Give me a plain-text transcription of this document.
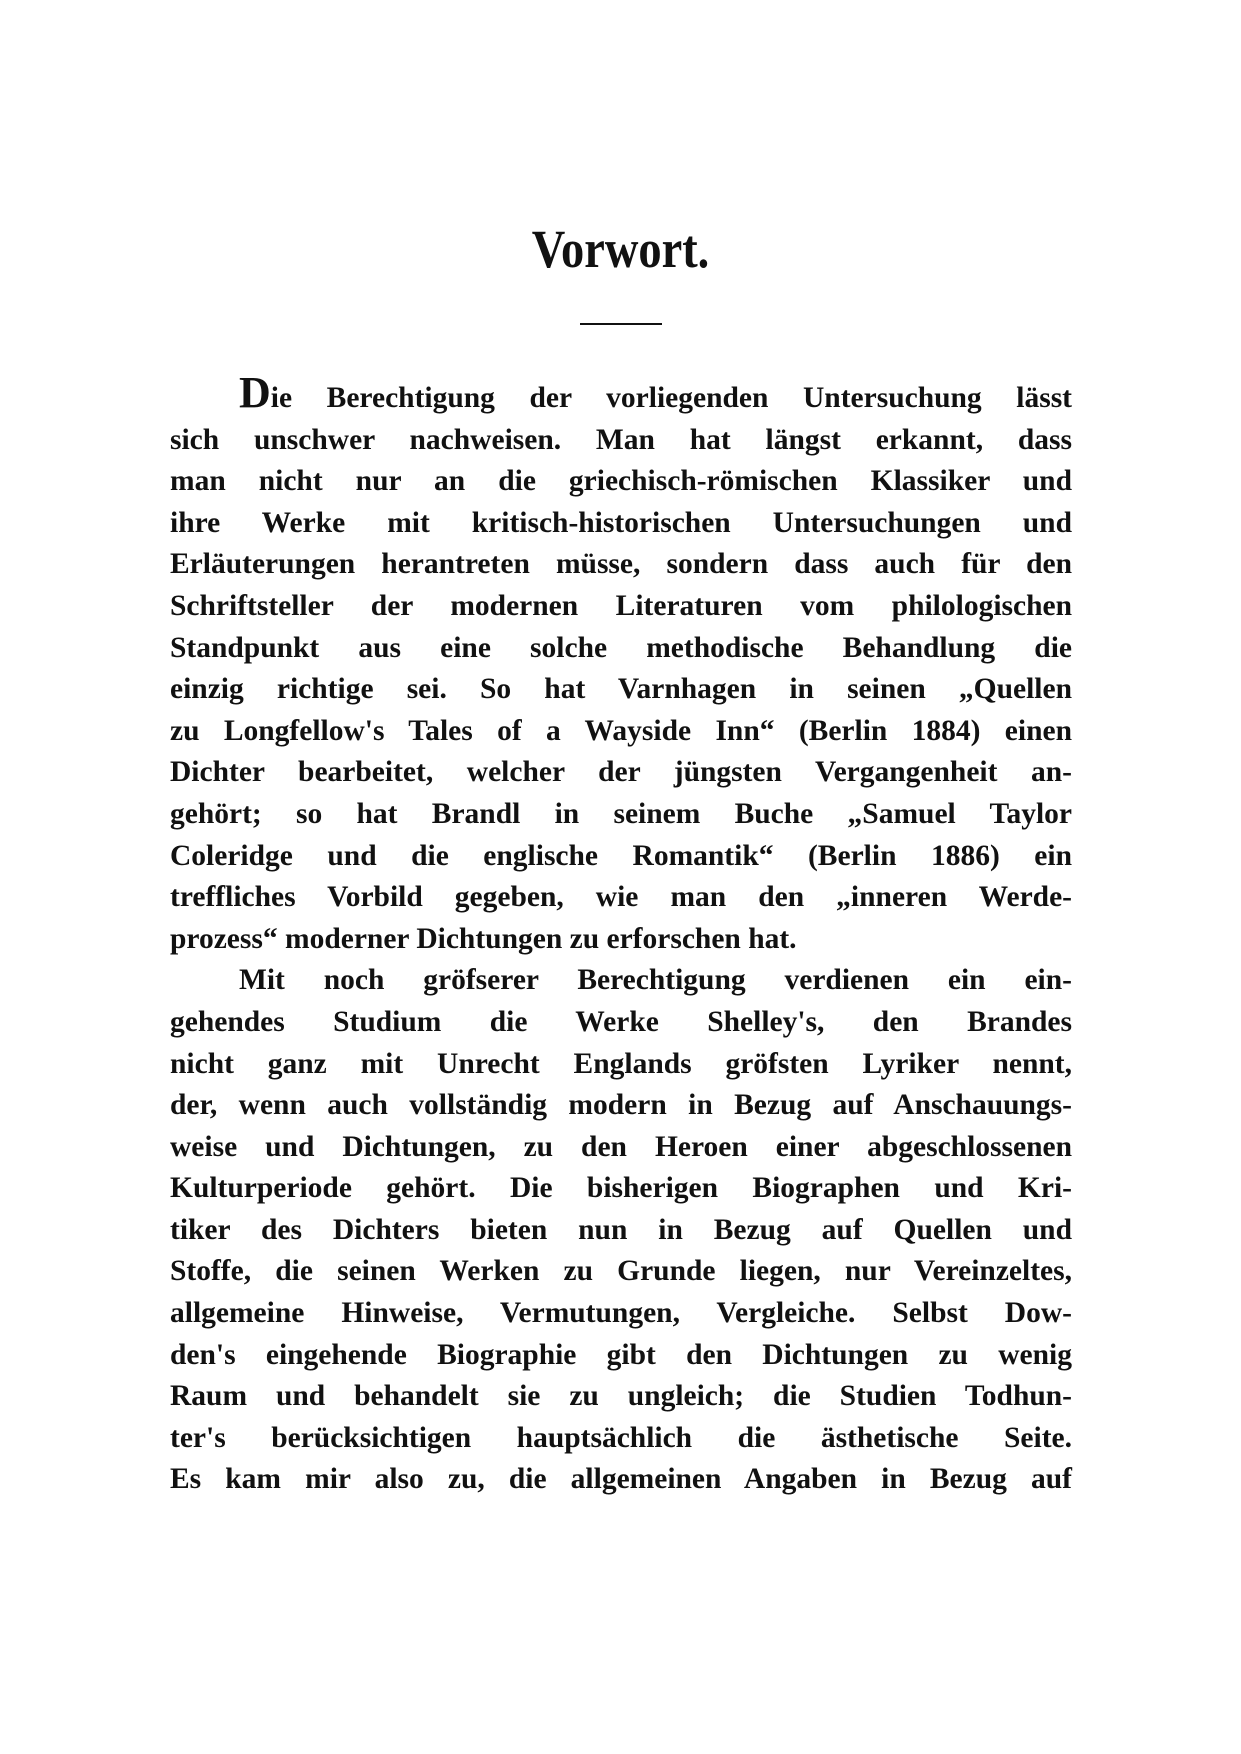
Vorwort.
Die Berechtigung der vorliegenden Untersuchung lässt
sich unschwer nachweisen. Man hat längst erkannt, dass
man nicht nur an die griechisch-römischen Klassiker und
ihre Werke mit kritisch-historischen Untersuchungen und
Erläuterungen herantreten müsse, sondern dass auch für den
Schriftsteller der modernen Literaturen vom philologischen
Standpunkt aus eine solche methodische Behandlung die
einzig richtige sei. So hat Varnhagen in seinen „Quellen
zu Longfellow's Tales of a Wayside Inn“ (Berlin 1884) einen
Dichter bearbeitet, welcher der jüngsten Vergangenheit an-
gehört; so hat Brandl in seinem Buche „Samuel Taylor
Coleridge und die englische Romantik“ (Berlin 1886) ein
treffliches Vorbild gegeben, wie man den „inneren Werde-
prozess“ moderner Dichtungen zu erforschen hat.
Mit noch gröfserer Berechtigung verdienen ein ein-
gehendes Studium die Werke Shelley's, den Brandes
nicht ganz mit Unrecht Englands gröfsten Lyriker nennt,
der, wenn auch vollständig modern in Bezug auf Anschauungs-
weise und Dichtungen, zu den Heroen einer abgeschlossenen
Kulturperiode gehört. Die bisherigen Biographen und Kri-
tiker des Dichters bieten nun in Bezug auf Quellen und
Stoffe, die seinen Werken zu Grunde liegen, nur Vereinzeltes,
allgemeine Hinweise, Vermutungen, Vergleiche. Selbst Dow-
den's eingehende Biographie gibt den Dichtungen zu wenig
Raum und behandelt sie zu ungleich; die Studien Todhun-
ter's berücksichtigen hauptsächlich die ästhetische Seite.
Es kam mir also zu, die allgemeinen Angaben in Bezug auf
